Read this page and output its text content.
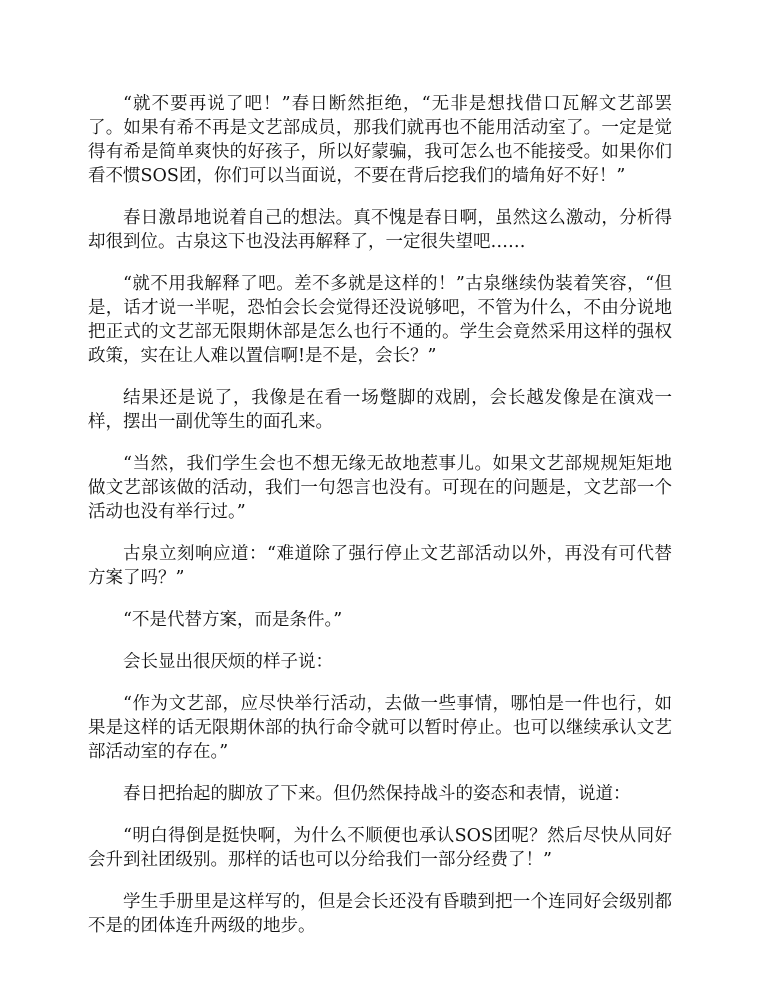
“就不要再说了吧！”春日断然拒绝，“无非是想找借口瓦解文艺部罢了。如果有希不再是文艺部成员，那我们就再也不能用活动室了。一定是觉得有希是简单爽快的好孩子，所以好蒙骗，我可怎么也不能接受。如果你们看不惯SOS团，你们可以当面说，不要在背后挖我们的墙角好不好！”

春日激昂地说着自己的想法。真不愧是春日啊，虽然这么激动，分析得却很到位。古泉这下也没法再解释了，一定很失望吧……

“就不用我解释了吧。差不多就是这样的！”古泉继续伪装着笑容，“但是，话才说一半呢，恐怕会长会觉得还没说够吧，不管为什么，不由分说地把正式的文艺部无限期休部是怎么也行不通的。学生会竟然采用这样的强权政策，实在让人难以置信啊!是不是，会长？”

结果还是说了，我像是在看一场蹩脚的戏剧，会长越发像是在演戏一样，摆出一副优等生的面孔来。

“当然，我们学生会也不想无缘无故地惹事儿。如果文艺部规规矩矩地做文艺部该做的活动，我们一句怨言也没有。可现在的问题是，文艺部一个活动也没有举行过。”

古泉立刻响应道：“难道除了强行停止文艺部活动以外，再没有可代替方案了吗？”

“不是代替方案，而是条件。”

会长显出很厌烦的样子说：

“作为文艺部，应尽快举行活动，去做一些事情，哪怕是一件也行，如果是这样的话无限期休部的执行命令就可以暂时停止。也可以继续承认文艺部活动室的存在。”

春日把抬起的脚放了下来。但仍然保持战斗的姿态和表情，说道：

“明白得倒是挺快啊，为什么不顺便也承认SOS团呢？然后尽快从同好会升到社团级别。那样的话也可以分给我们一部分经费了！”

学生手册里是这样写的，但是会长还没有昏聩到把一个连同好会级别都不是的团体连升两级的地步。
